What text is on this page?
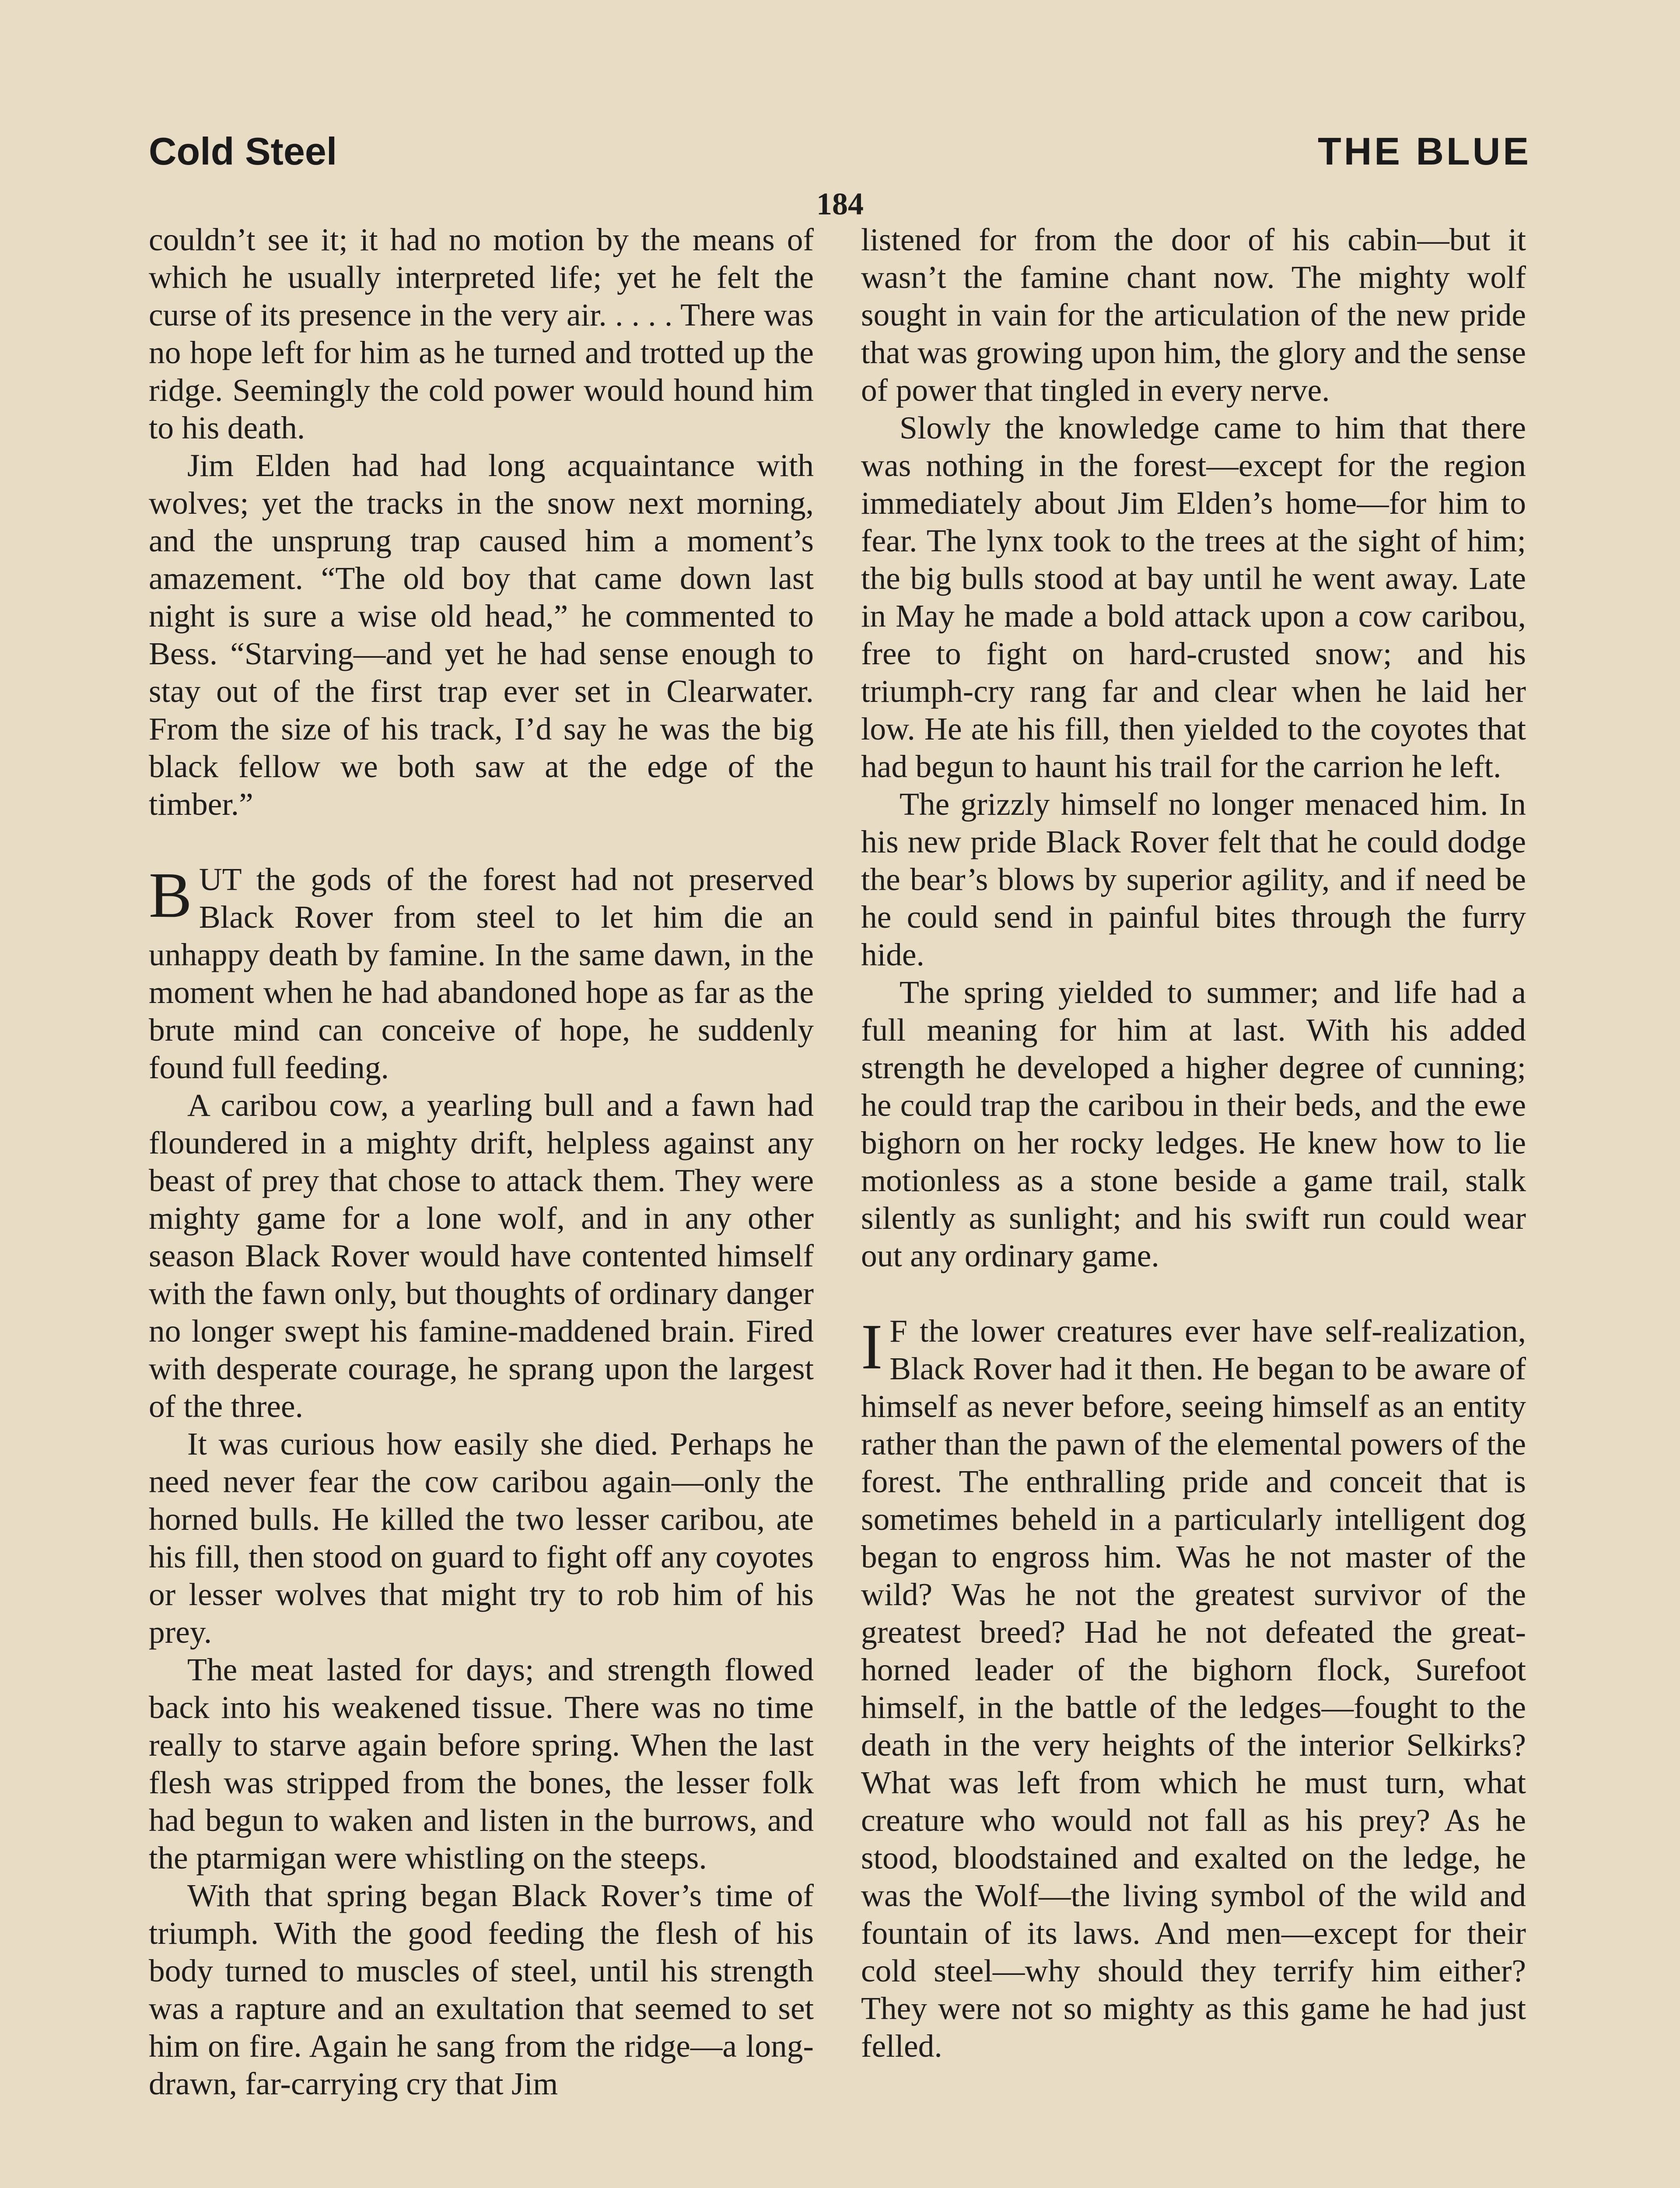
Cold Steel	THE BLUE
184

couldn’t see it; it had no motion by the means of which he usually interpreted life; yet he felt the curse of its presence in the very air. . . . . There was no hope left for him as he turned and trotted up the ridge. Seemingly the cold power would hound him to his death.

Jim Elden had had long acquaintance with wolves; yet the tracks in the snow next morning, and the unsprung trap caused him a moment’s amazement. “The old boy that came down last night is sure a wise old head,” he commented to Bess. “Starving—and yet he had sense enough to stay out of the first trap ever set in Clearwater. From the size of his track, I’d say he was the big black fellow we both saw at the edge of the timber.”

BUT the gods of the forest had not preserved Black Rover from steel to let him die an unhappy death by famine. In the same dawn, in the moment when he had abandoned hope as far as the brute mind can conceive of hope, he suddenly found full feeding.

A caribou cow, a yearling bull and a fawn had floundered in a mighty drift, helpless against any beast of prey that chose to attack them. They were mighty game for a lone wolf, and in any other season Black Rover would have contented himself with the fawn only, but thoughts of ordinary danger no longer swept his famine-maddened brain. Fired with desperate courage, he sprang upon the largest of the three.

It was curious how easily she died. Perhaps he need never fear the cow caribou again—only the horned bulls. He killed the two lesser caribou, ate his fill, then stood on guard to fight off any coyotes or lesser wolves that might try to rob him of his prey.

The meat lasted for days; and strength flowed back into his weakened tissue. There was no time really to starve again before spring. When the last flesh was stripped from the bones, the lesser folk had begun to waken and listen in the burrows, and the ptarmigan were whistling on the steeps.

With that spring began Black Rover’s time of triumph. With the good feeding the flesh of his body turned to muscles of steel, until his strength was a rapture and an exultation that seemed to set him on fire. Again he sang from the ridge—a long-drawn, far-carrying cry that Jim

listened for from the door of his cabin—but it wasn’t the famine chant now. The mighty wolf sought in vain for the articulation of the new pride that was growing upon him, the glory and the sense of power that tingled in every nerve.

Slowly the knowledge came to him that there was nothing in the forest—except for the region immediately about Jim Elden’s home—for him to fear. The lynx took to the trees at the sight of him; the big bulls stood at bay until he went away. Late in May he made a bold attack upon a cow caribou, free to fight on hard-crusted snow; and his triumph-cry rang far and clear when he laid her low. He ate his fill, then yielded to the coyotes that had begun to haunt his trail for the carrion he left.

The grizzly himself no longer menaced him. In his new pride Black Rover felt that he could dodge the bear’s blows by superior agility, and if need be he could send in painful bites through the furry hide.

The spring yielded to summer; and life had a full meaning for him at last. With his added strength he developed a higher degree of cunning; he could trap the caribou in their beds, and the ewe bighorn on her rocky ledges. He knew how to lie motionless as a stone beside a game trail, stalk silently as sunlight; and his swift run could wear out any ordinary game.

I F the lower creatures ever have self-realization, Black Rover had it then. He began to be aware of himself as never before, seeing himself as an entity rather than the pawn of the elemental powers of the forest. The enthralling pride and conceit that is sometimes beheld in a particularly intelligent dog began to engross him. Was he not master of the wild? Was he not the greatest survivor of the greatest breed? Had he not defeated the great-horned leader of the bighorn flock, Surefoot himself, in the battle of the ledges—fought to the death in the very heights of the interior Selkirks? What was left from which he must turn, what creature who would not fall as his prey? As he stood, bloodstained and exalted on the ledge, he was the Wolf—the living symbol of the wild and fountain of its laws. And men—except for their cold steel—why should they terrify him either? They were not so mighty as this game he had just felled.
